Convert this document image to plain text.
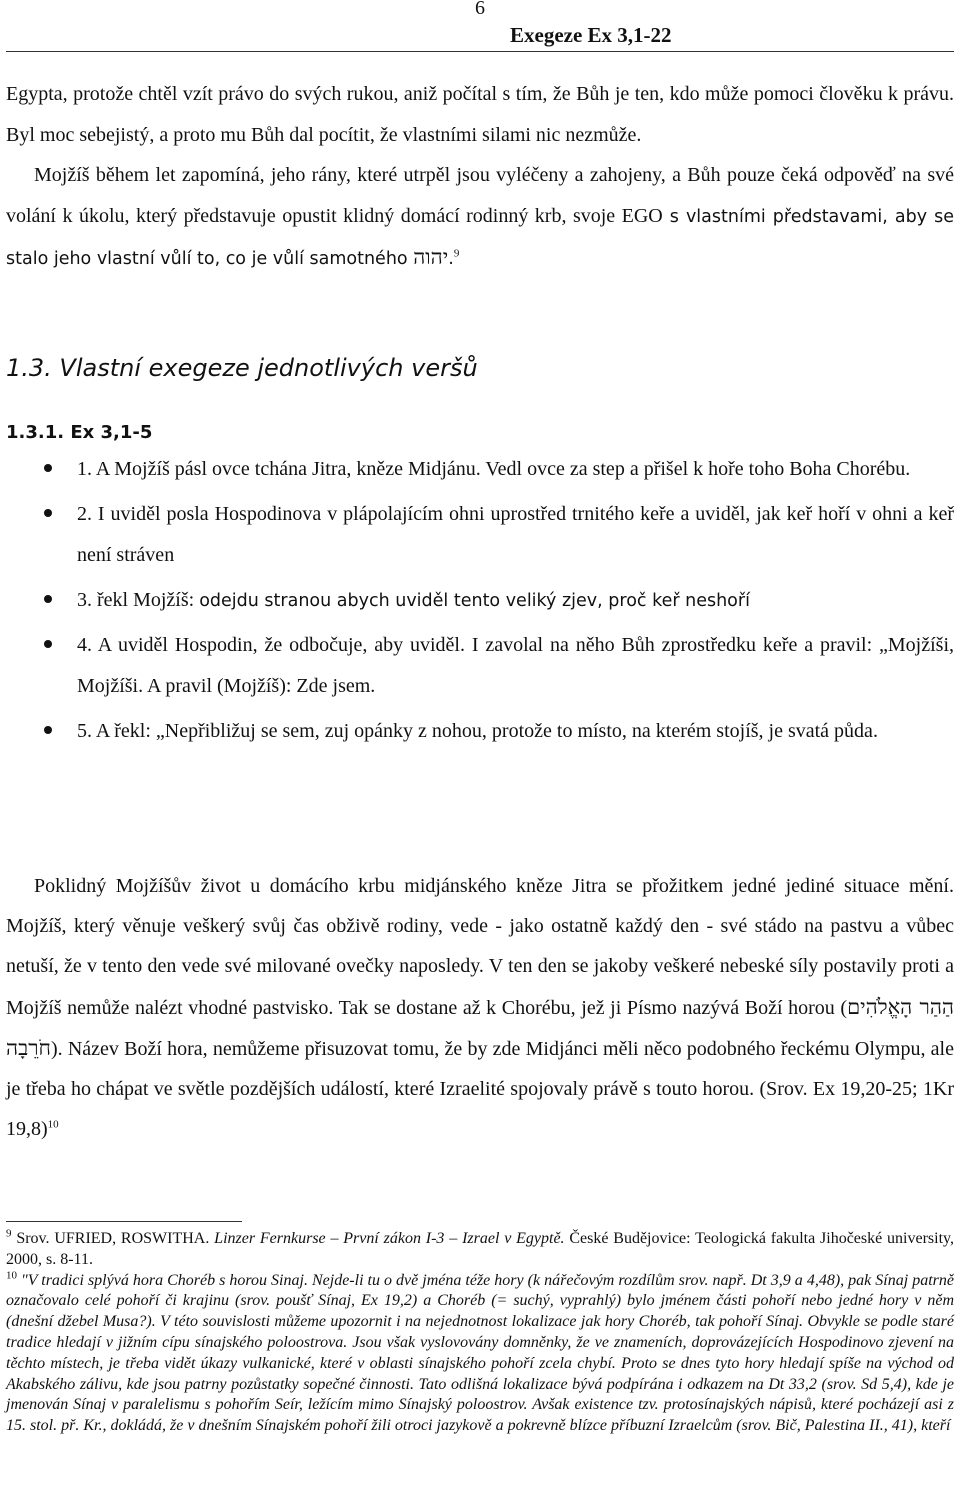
6
Exegeze Ex 3,1-22

Egypta, protože chtěl vzít právo do svých rukou, aniž počítal s tím, že Bůh je ten, kdo může pomoci člověku k právu. Byl moc sebejistý, a proto mu Bůh dal pocítit, že vlastními silami nic nezmůže.

Mojžíš během let zapomíná, jeho rány, které utrpěl jsou vyléčeny a zahojeny, a Bůh pouze čeká odpověď na své volání k úkolu, který představuje opustit klidný domácí rodinný krb, svoje EGO s vlastními představami, aby se stalo jeho vlastní vůlí to, co je vůlí samotného יהוה.$^9$

1.3. Vlastní exegeze jednotlivých veršů
1.3.1. Ex 3,1-5
1. A Mojžíš pásl ovce tchána Jitra, kněze Midjánu. Vedl ovce za step a přišel k hoře toho Boha Chorébu.
2. I uviděl posla Hospodinova v plápolajícím ohni uprostřed trnitého keře a uviděl, jak keř hoří v ohni a keř není stráven
3. řekl Mojžíš: odejdu stranou abych uviděl tento veliký zjev, proč keř neshoří
4. A uviděl Hospodin, že odbočuje, aby uviděl. I zavolal na něho Bůh zprostředku keře a pravil: „Mojžíši, Mojžíši. A pravil (Mojžíš): Zde jsem.
5. A řekl: „Nepřibližuj se sem, zuj opánky z nohou, protože to místo, na kterém stojíš, je svatá půda.

Poklidný Mojžíšův život u domácího krbu midjánského kněze Jitra se přožitkem jedné jediné situace mění. Mojžíš, který věnuje veškerý svůj čas obživě rodiny, vede - jako ostatně každý den - své stádo na pastvu a vůbec netuší, že v tento den vede své milované ovečky naposledy. V ten den se jakoby veškeré nebeské síly postavily proti a Mojžíš nemůže nalézt vhodné pastvisko. Tak se dostane až k Chorébu, jež ji Písmo nazývá Boží horou (הַהַר הָאֱלֹהִים חֹרֵבָה). Název Boží hora, nemůžeme přisuzovat tomu, že by zde Midjánci měli něco podobného řeckému Olympu, ale je třeba ho chápat ve světle pozdějších událostí, které Izraelité spojovaly právě s touto horou. (Srov. Ex 19,20-25; 1Kr 19,8)$^{10}$

$^9$ Srov. UFRIED, ROSWITHA. Linzer Fernkurse – První zákon I-3 – Izrael v Egyptě. České Budějovice: Teologická fakulta Jihočeské university, 2000, s. 8-11.

$^{10}$ "V tradici splývá hora Choréb s horou Sinaj. Nejde-li tu o dvě jména téže hory (k nářečovým rozdílům srov. např. Dt 3,9 a 4,48), pak Sínaj patrně označovalo celé pohoří či krajinu (srov. poušť Sínaj, Ex 19,2) a Choréb (= suchý, vyprahlý) bylo jménem části pohoří nebo jedné hory v něm (dnešní džebel Musa?). V této souvislosti můžeme upozornit i na nejednotnost lokalizace jak hory Choréb, tak pohoří Sínaj. Obvykle se podle staré tradice hledají v jižním cípu sínajského poloostrova. Jsou však vyslovovány domněnky, že ve znameních, doprovázejících Hospodinovo zjevení na těchto místech, je třeba vidět úkazy vulkanické, které v oblasti sínajského pohoří zcela chybí. Proto se dnes tyto hory hledají spíše na východ od Akabského zálivu, kde jsou patrny pozůstatky sopečné činnosti. Tato odlišná lokalizace bývá podpírána i odkazem na Dt 33,2 (srov. Sd 5,4), kde je jmenován Sínaj v paralelismu s pohořím Seír, ležícím mimo Sínajský poloostrov. Avšak existence tzv. protosínajských nápisů, které pocházejí asi z 15. stol. př. Kr., dokládá, že v dnešním Sínajském pohoří žili otroci jazykově a pokrevně blízce příbuzní Izraelcům (srov. Bič, Palestina II., 41), kteří
